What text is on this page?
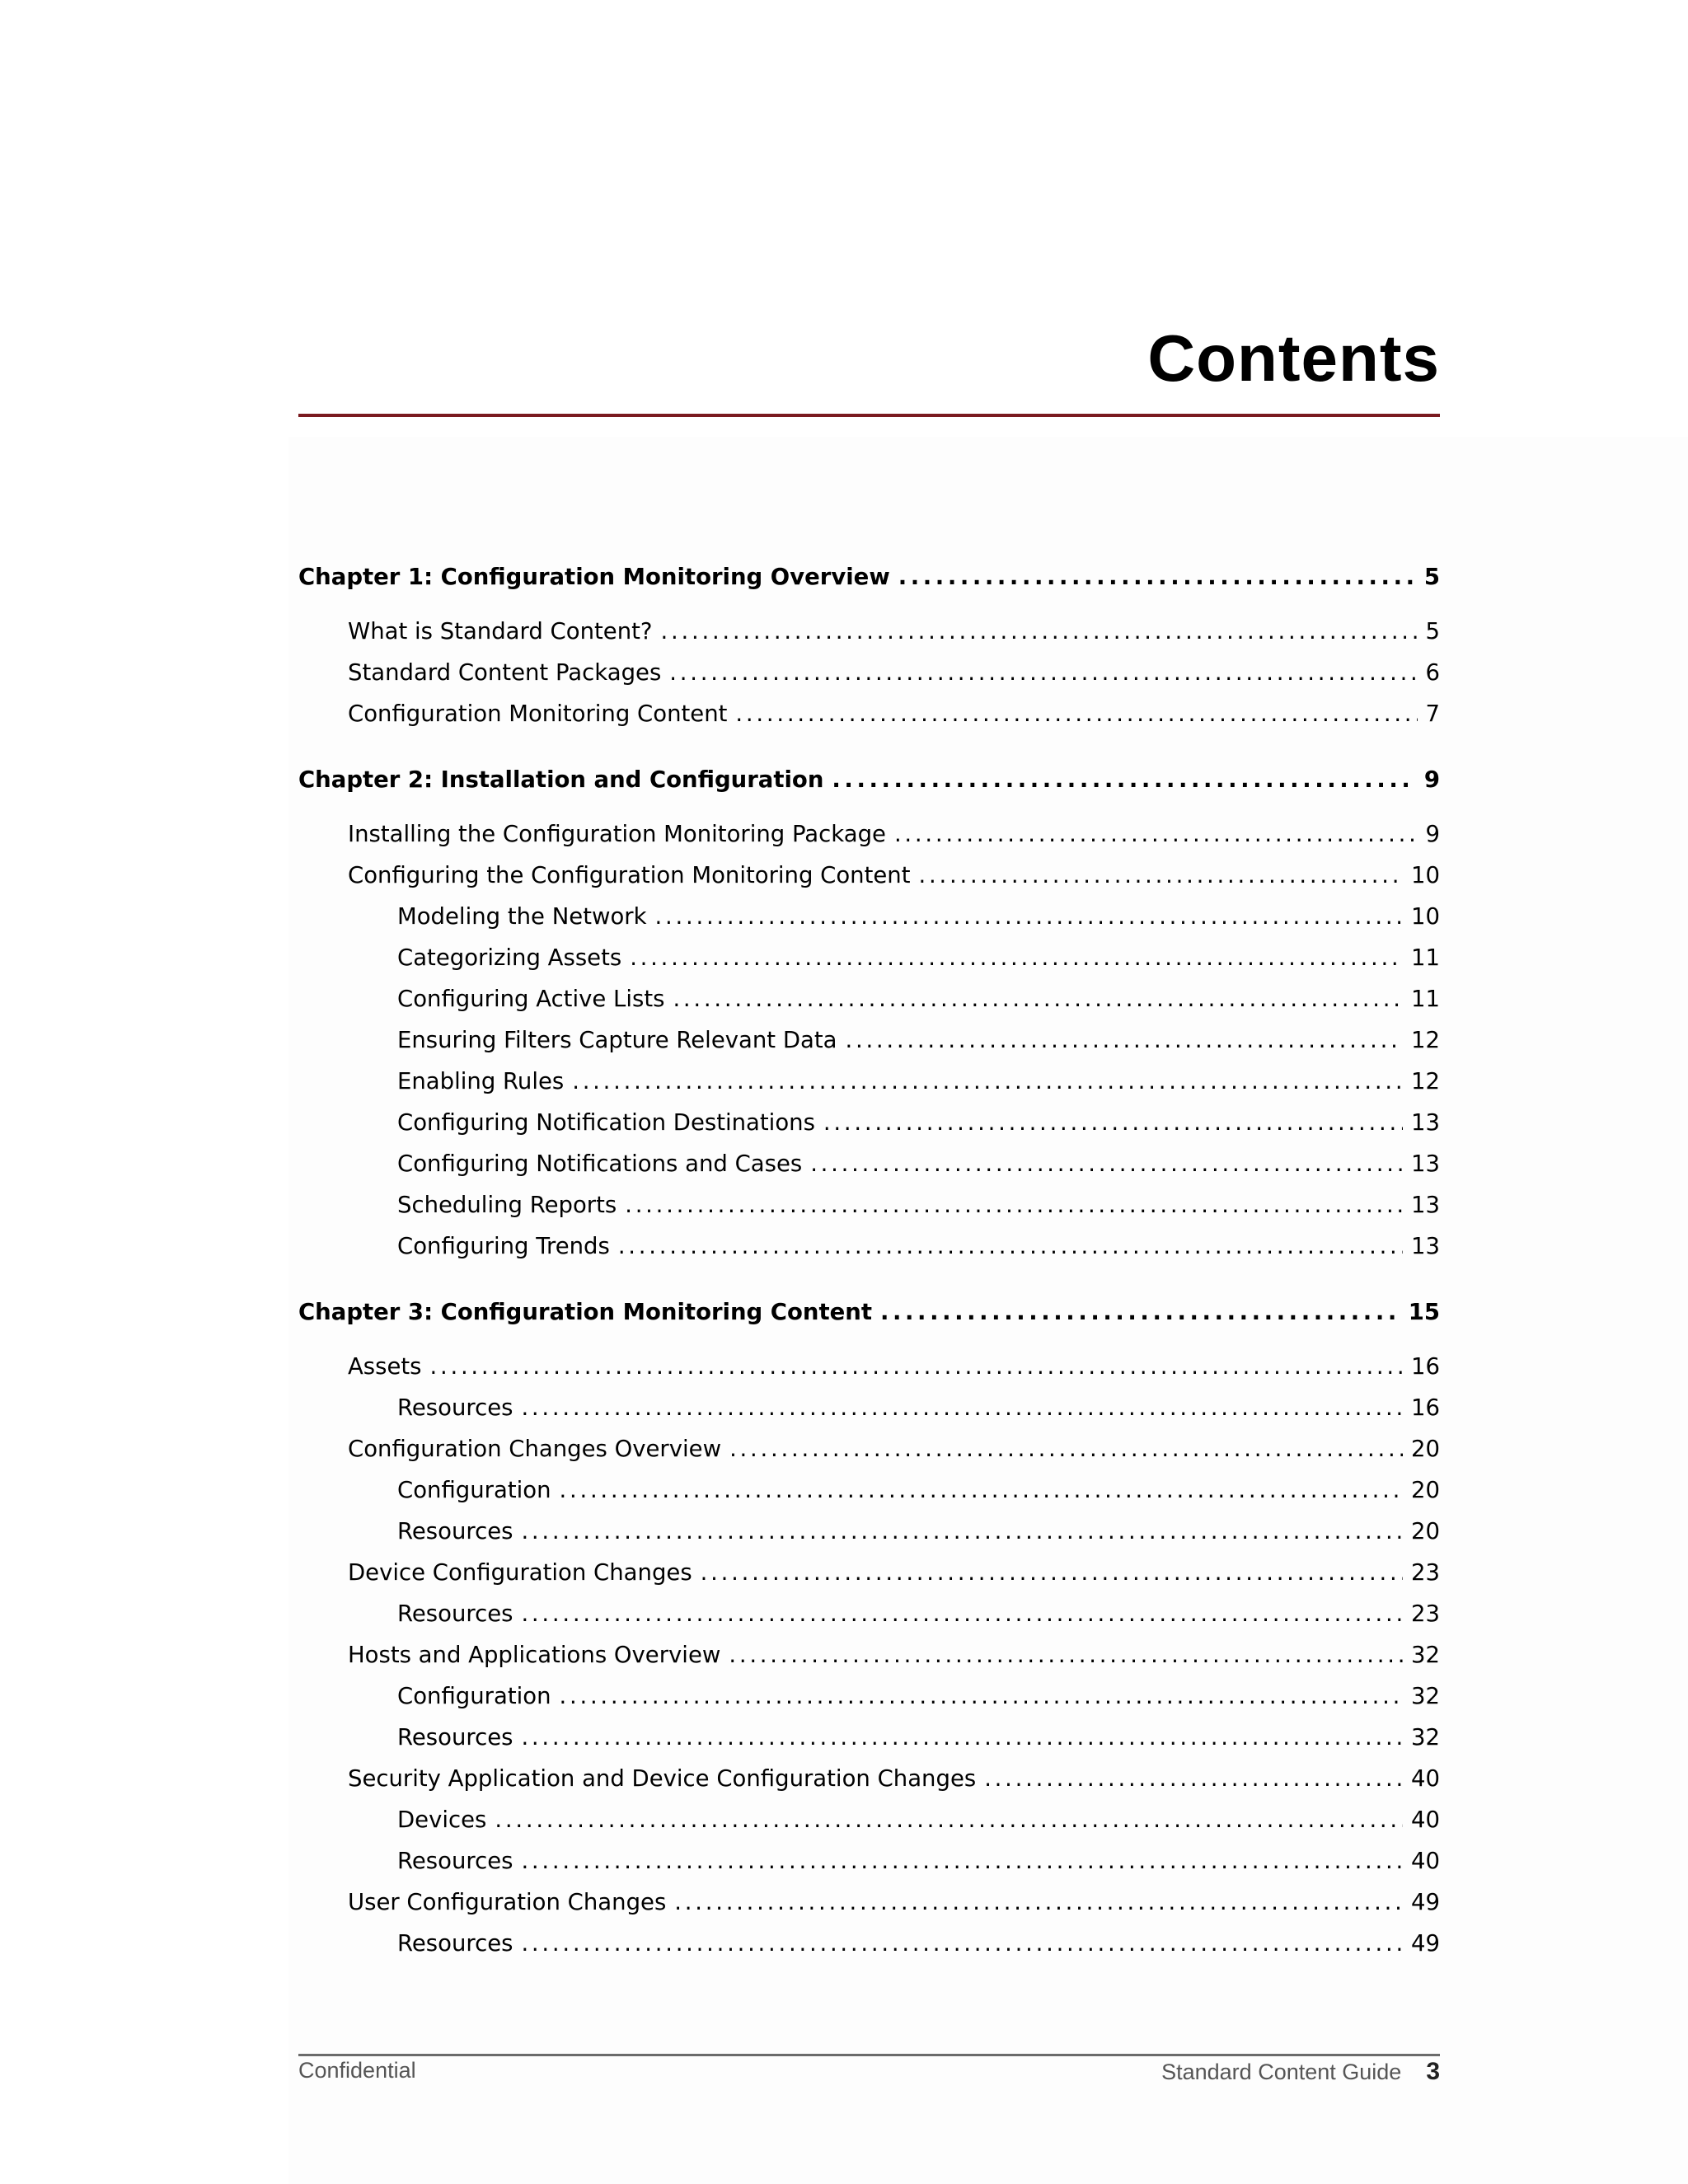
Contents
Chapter 1: Configuration Monitoring Overview . . .	5
What is Standard Content? . . .	5
Standard Content Packages . . .	6
Configuration Monitoring Content . . .	7
Chapter 2: Installation and Configuration . . .	9
Installing the Configuration Monitoring Package . . .	9
Configuring the Configuration Monitoring Content . . .	10
Modeling the Network . . .	10
Categorizing Assets . . .	11
Configuring Active Lists . . .	11
Ensuring Filters Capture Relevant Data . . .	12
Enabling Rules . . .	12
Configuring Notification Destinations . . .	13
Configuring Notifications and Cases . . .	13
Scheduling Reports . . .	13
Configuring Trends . . .	13
Chapter 3: Configuration Monitoring Content . . .	15
Assets . . .	16
Resources . . .	16
Configuration Changes Overview . . .	20
Configuration . . .	20
Resources . . .	20
Device Configuration Changes . . .	23
Resources . . .	23
Hosts and Applications Overview . . .	32
Configuration . . .	32
Resources . . .	32
Security Application and Device Configuration Changes . . .	40
Devices . . .	40
Resources . . .	40
User Configuration Changes . . .	49
Resources . . .	49
Confidential	Standard Content Guide 3
